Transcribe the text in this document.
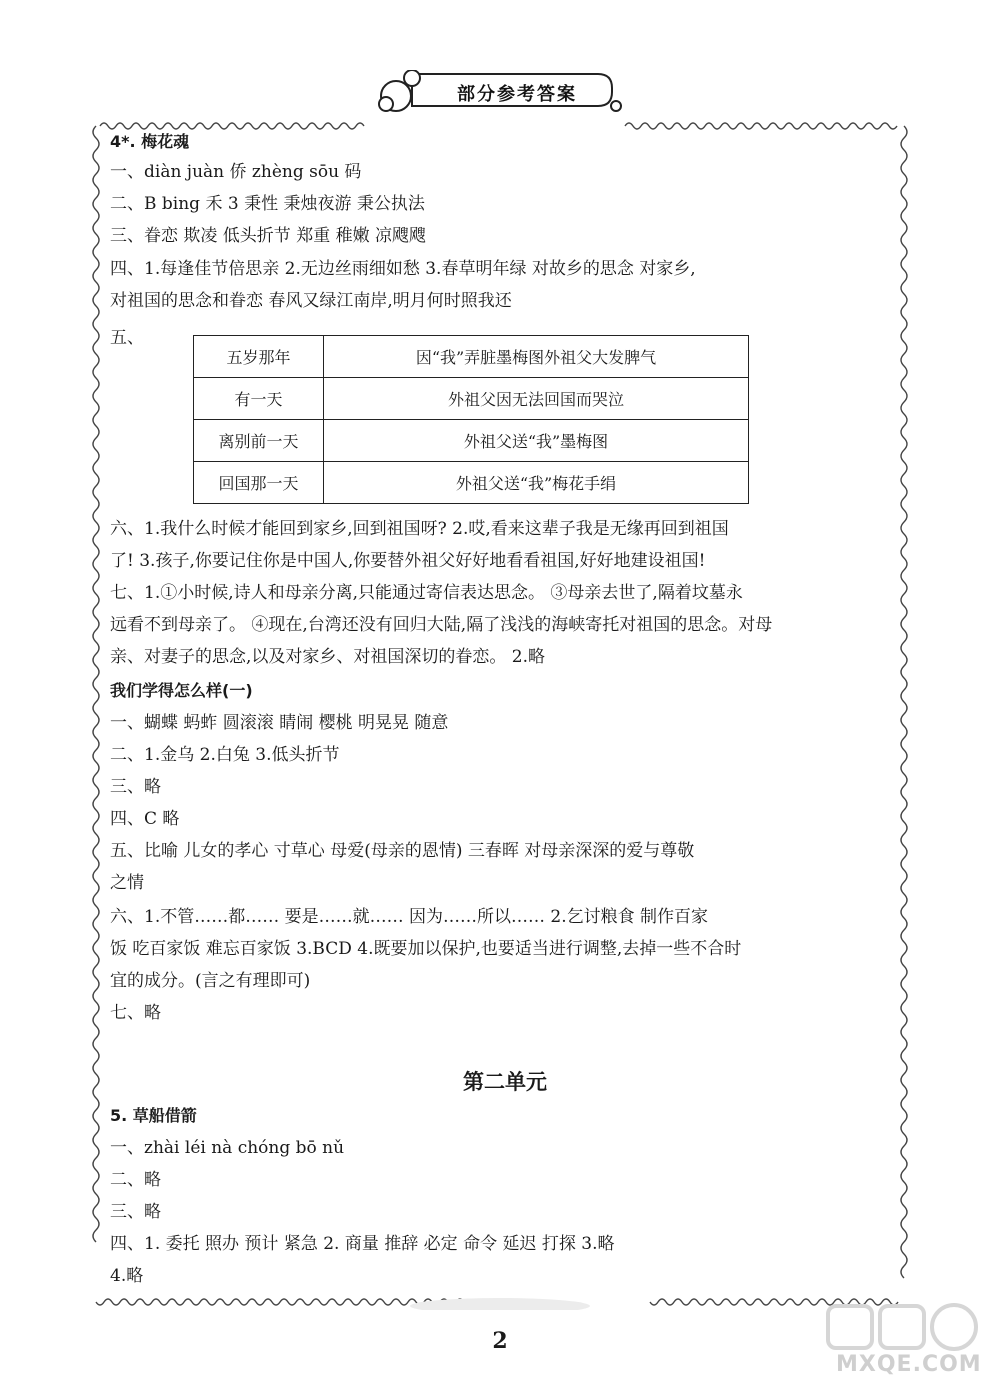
部分参考答案
4*. 梅花魂
一、diàn juàn 侨 zhèng sōu 码
二、B bing 禾 3 秉性 秉烛夜游 秉公执法
三、眷恋 欺凌 低头折节 郑重 稚嫩 凉飕飕
四、1.每逢佳节倍思亲 2.无边丝雨细如愁 3.春草明年绿 对故乡的思念 对家乡,
对祖国的思念和眷恋 春风又绿江南岸,明月何时照我还
五、
五岁那年	因“我”弄脏墨梅图外祖父大发脾气
有一天	外祖父因无法回国而哭泣
离别前一天	外祖父送“我”墨梅图
回国那一天	外祖父送“我”梅花手绢
六、1.我什么时候才能回到家乡,回到祖国呀? 2.哎,看来这辈子我是无缘再回到祖国
了! 3.孩子,你要记住你是中国人,你要替外祖父好好地看看祖国,好好地建设祖国!
七、1.①小时候,诗人和母亲分离,只能通过寄信表达思念。 ③母亲去世了,隔着坟墓永
远看不到母亲了。 ④现在,台湾还没有回归大陆,隔了浅浅的海峡寄托对祖国的思念。对母
亲、对妻子的思念,以及对家乡、对祖国深切的眷恋。 2.略
我们学得怎么样(一)
一、蝴蝶 蚂蚱 圆滚滚 睛闹 樱桃 明晃晃 随意
二、1.金乌 2.白兔 3.低头折节
三、略
四、C 略
五、比喻 儿女的孝心 寸草心 母爱(母亲的恩情) 三春晖 对母亲深深的爱与尊敬
之情
六、1.不管……都…… 要是……就…… 因为……所以…… 2.乞讨粮食 制作百家
饭 吃百家饭 难忘百家饭 3.BCD 4.既要加以保护,也要适当进行调整,去掉一些不合时
宜的成分。(言之有理即可)
七、略
第二单元
5. 草船借箭
一、zhài léi nà chóng bō nǔ
二、略
三、略
四、1. 委托 照办 预计 紧急 2. 商量 推辞 必定 命令 延迟 打探 3.略
4.略
2
MXQE.COM
